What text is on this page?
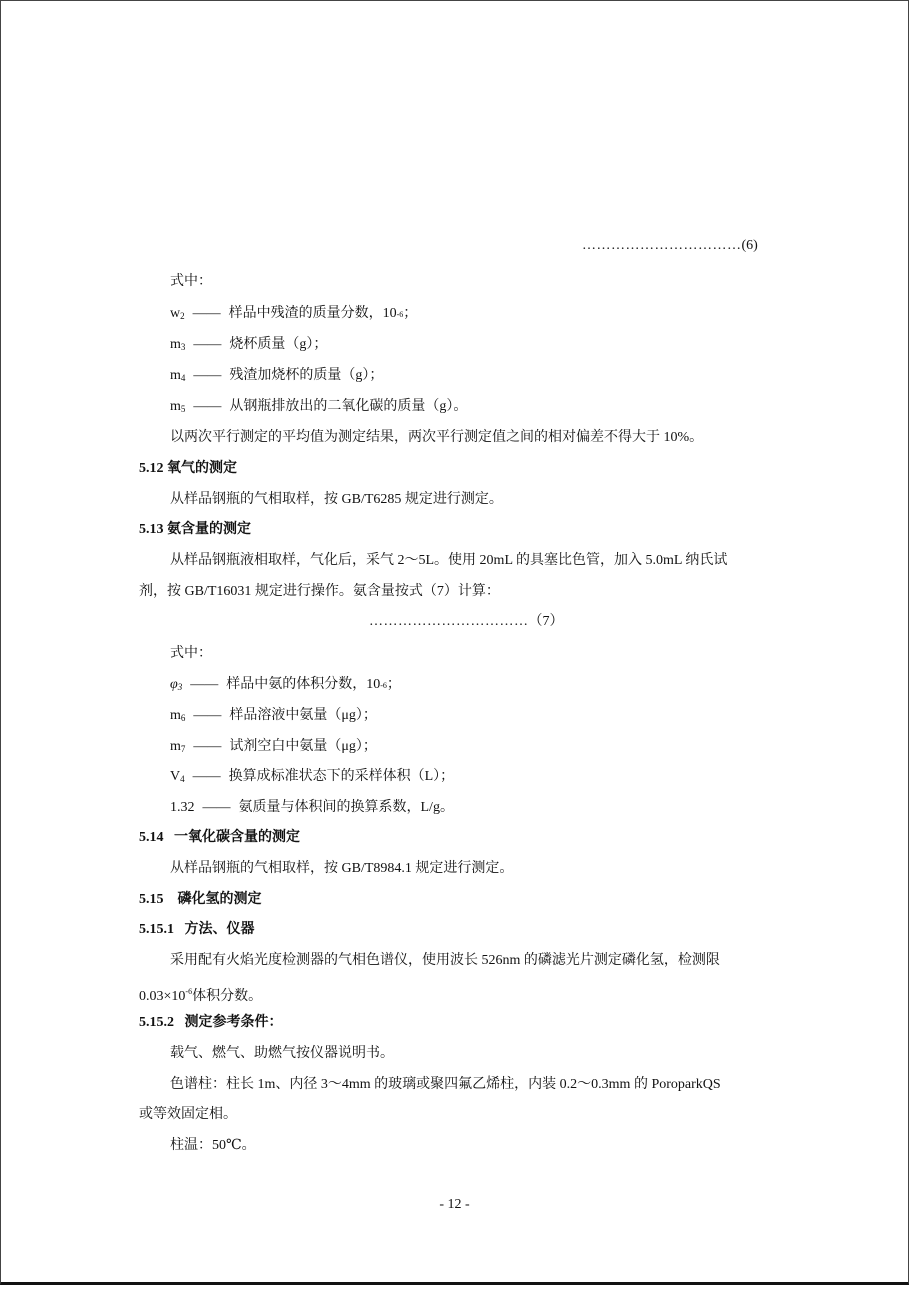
……………………………(6)
式中：
$w_2$ —— 样品中残渣的质量分数，10 -6 ；
$m_3$ —— 烧杯质量（g）；
$m_4$ —— 残渣加烧杯的质量（g）；
$m_5$ —— 从钢瓶排放出的二氧化碳的质量（g）。
以两次平行测定的平均值为测定结果，两次平行测定值之间的相对偏差不得大于 10%。
5.12 氧气的测定
从样品钢瓶的气相取样，按 GB/T6285 规定进行测定。
5.13 氨含量的测定
从样品钢瓶液相取样，气化后，采气 2～5L。使用 20mL 的具塞比色管，加入 5.0mL 纳氏试
剂，按 GB/T16031 规定进行操作。氨含量按式（7）计算：
……………………………（7）
式中：
$\varphi_3$ —— 样品中氨的体积分数，10 -6 ；
$m_6$ —— 样品溶液中氨量（μg）；
$m_7$ —— 试剂空白中氨量（μg）；
$V_4$ —— 换算成标准状态下的采样体积（L）；
1.32 —— 氨质量与体积间的换算系数，L/g。
5.14 一氧化碳含量的测定
从样品钢瓶的气相取样，按 GB/T8984.1 规定进行测定。
5.15 磷化氢的测定
5.15.1 方法、仪器
采用配有火焰光度检测器的气相色谱仪，使用波长 526nm 的磷滤光片测定磷化氢，检测限
$0.03\times 10^{-6}$体积分数。
5.15.2 测定参考条件：
载气、燃气、助燃气按仪器说明书。
色谱柱：柱长 1m、内径 3～4mm 的玻璃或聚四氟乙烯柱，内装 0.2～0.3mm 的 PoroparkQS
或等效固定相。
柱温：50℃。
- 12 -
